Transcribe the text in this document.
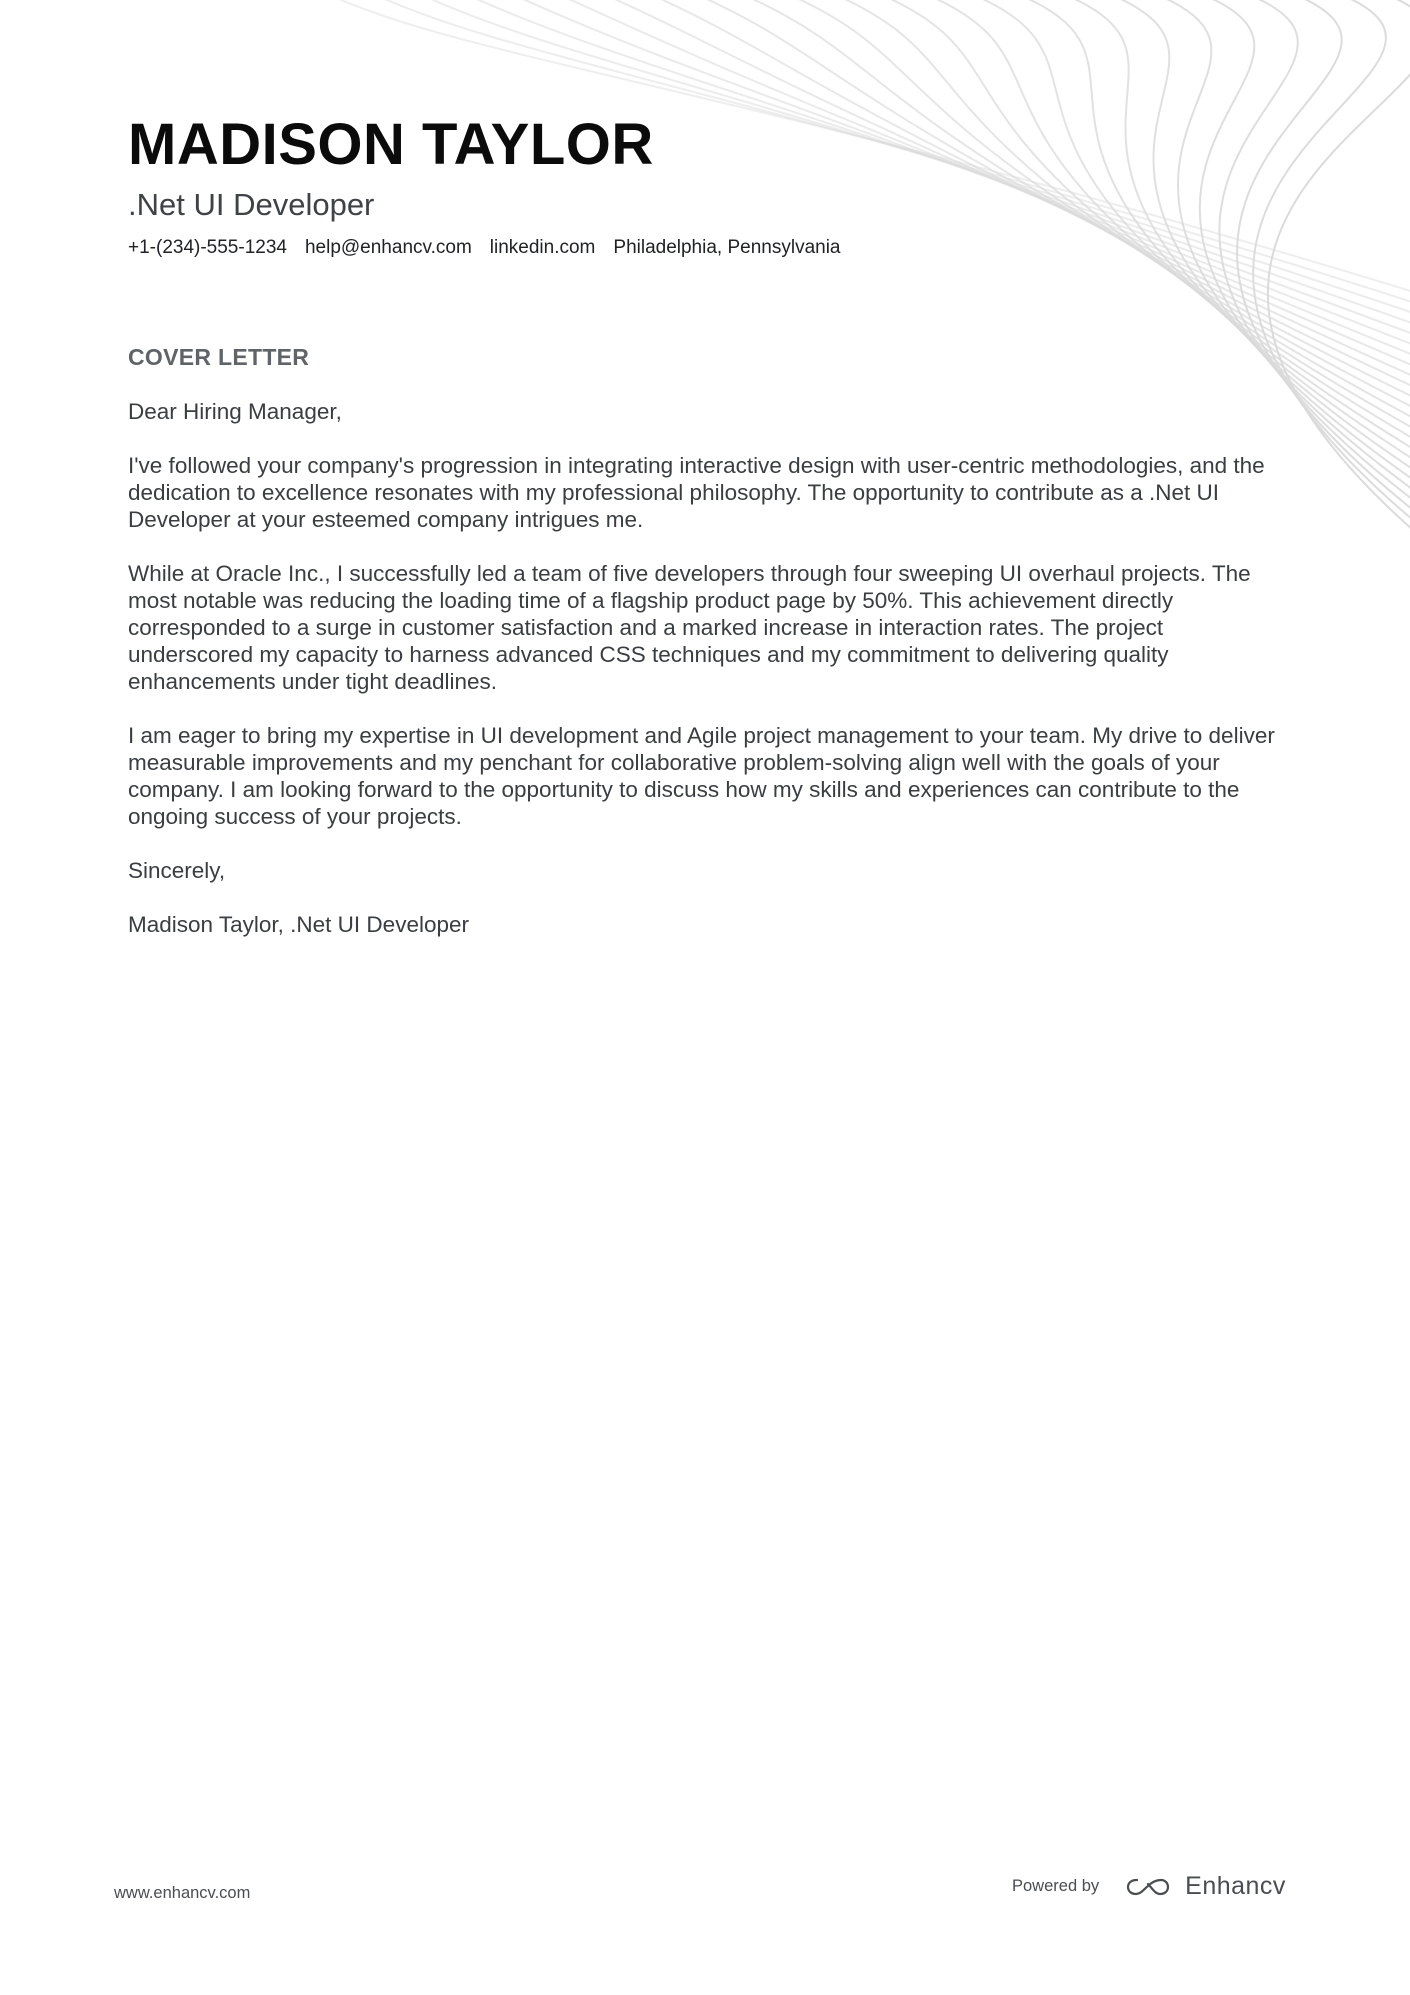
MADISON TAYLOR
.Net UI Developer
+1-(234)-555-1234 help@enhancv.com linkedin.com Philadelphia, Pennsylvania
COVER LETTER

Dear Hiring Manager,

I've followed your company's progression in integrating interactive design with user-centric methodologies, and the dedication to excellence resonates with my professional philosophy. The opportunity to contribute as a .Net UI Developer at your esteemed company intrigues me.

While at Oracle Inc., I successfully led a team of five developers through four sweeping UI overhaul projects. The most notable was reducing the loading time of a flagship product page by 50%. This achievement directly corresponded to a surge in customer satisfaction and a marked increase in interaction rates. The project underscored my capacity to harness advanced CSS techniques and my commitment to delivering quality enhancements under tight deadlines.

I am eager to bring my expertise in UI development and Agile project management to your team. My drive to deliver measurable improvements and my penchant for collaborative problem-solving align well with the goals of your company. I am looking forward to the opportunity to discuss how my skills and experiences can contribute to the ongoing success of your projects.

Sincerely,

Madison Taylor, .Net UI Developer

www.enhancv.com	Powered by	Enhancv
